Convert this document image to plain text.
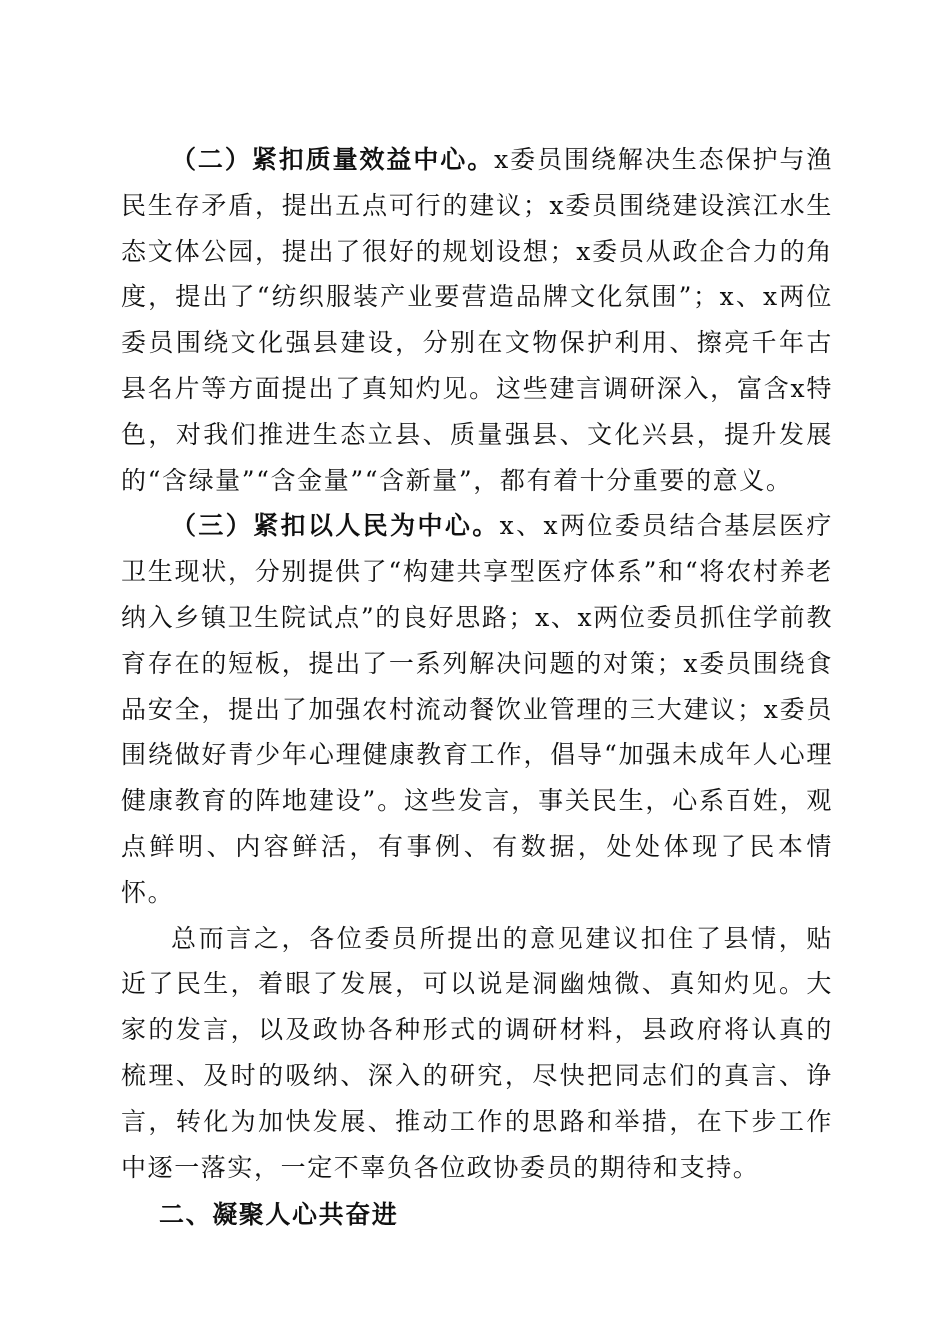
（二）紧扣质量效益中心。x委员围绕解决生态保护与渔民生存矛盾，提出五点可行的建议；x委员围绕建设滨江水生态文体公园，提出了很好的规划设想；x委员从政企合力的角度，提出了“纺织服装产业要营造品牌文化氛围”；x、x两位委员围绕文化强县建设，分别在文物保护利用、擦亮千年古县名片等方面提出了真知灼见。这些建言调研深入，富含x特色，对我们推进生态立县、质量强县、文化兴县，提升发展的“含绿量”“含金量”“含新量”，都有着十分重要的意义。

（三）紧扣以人民为中心。x、x两位委员结合基层医疗卫生现状，分别提供了“构建共享型医疗体系”和“将农村养老纳入乡镇卫生院试点”的良好思路；x、x两位委员抓住学前教育存在的短板，提出了一系列解决问题的对策；x委员围绕食品安全，提出了加强农村流动餐饮业管理的三大建议；x委员围绕做好青少年心理健康教育工作，倡导“加强未成年人心理健康教育的阵地建设”。这些发言，事关民生，心系百姓，观点鲜明、内容鲜活，有事例、有数据，处处体现了民本情怀。

总而言之，各位委员所提出的意见建议扣住了县情，贴近了民生，着眼了发展，可以说是洞幽烛微、真知灼见。大家的发言，以及政协各种形式的调研材料，县政府将认真的梳理、及时的吸纳、深入的研究，尽快把同志们的真言、诤言，转化为加快发展、推动工作的思路和举措，在下步工作中逐一落实，一定不辜负各位政协委员的期待和支持。

二、凝聚人心共奋进
